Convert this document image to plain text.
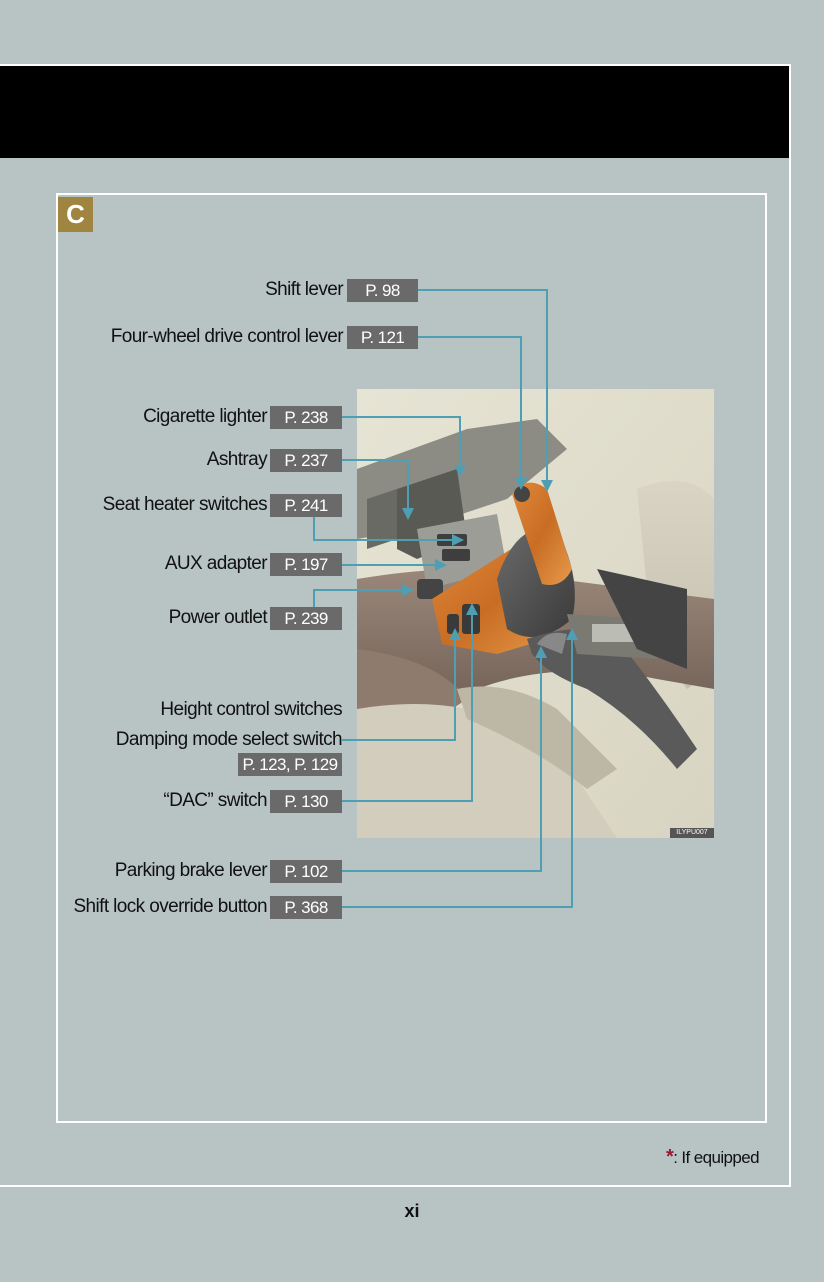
C
ILYPU007
Shift lever	P. 98
Four-wheel drive control lever	P. 121
Cigarette lighter	P. 238
Ashtray	P. 237
Seat heater switches	P. 241
AUX adapter	P. 197
Power outlet	P. 239
Height control switches
Damping mode select switch
P. 123, P. 129
“DAC” switch	P. 130
Parking brake lever	P. 102
Shift lock override button	P. 368
*: If equipped
xi
